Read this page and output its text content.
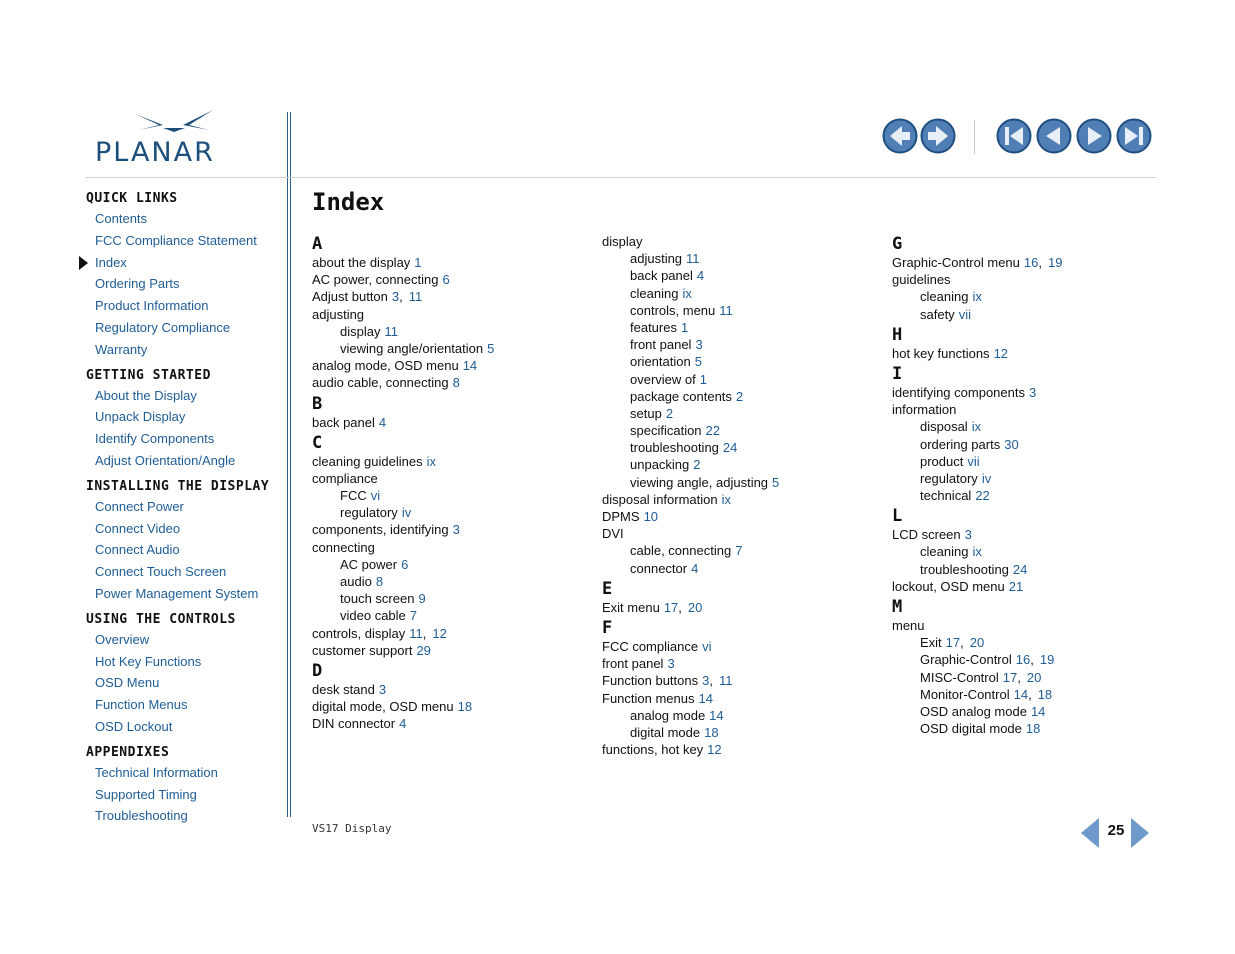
PLANAR
QUICK LINKS
Contents
FCC Compliance Statement
Index
Ordering Parts
Product Information
Regulatory Compliance
Warranty
GETTING STARTED
About the Display
Unpack Display
Identify Components
Adjust Orientation/Angle
INSTALLING THE DISPLAY
Connect Power
Connect Video
Connect Audio
Connect Touch Screen
Power Management System
USING THE CONTROLS
Overview
Hot Key Functions
OSD Menu
Function Menus
OSD Lockout
APPENDIXES
Technical Information
Supported Timing
Troubleshooting
Index
A
about the display 1
AC power, connecting 6
Adjust button 3, 11
adjusting
display 11
viewing angle/orientation 5
analog mode, OSD menu 14
audio cable, connecting 8
B
back panel 4
C
cleaning guidelines ix
compliance
FCC vi
regulatory iv
components, identifying 3
connecting
AC power 6
audio 8
touch screen 9
video cable 7
controls, display 11, 12
customer support 29
D
desk stand 3
digital mode, OSD menu 18
DIN connector 4
display
adjusting 11
back panel 4
cleaning ix
controls, menu 11
features 1
front panel 3
orientation 5
overview of 1
package contents 2
setup 2
specification 22
troubleshooting 24
unpacking 2
viewing angle, adjusting 5
disposal information ix
DPMS 10
DVI
cable, connecting 7
connector 4
E
Exit menu 17, 20
F
FCC compliance vi
front panel 3
Function buttons 3, 11
Function menus 14
analog mode 14
digital mode 18
functions, hot key 12
G
Graphic-Control menu 16, 19
guidelines
cleaning ix
safety vii
H
hot key functions 12
I
identifying components 3
information
disposal ix
ordering parts 30
product vii
regulatory iv
technical 22
L
LCD screen 3
cleaning ix
troubleshooting 24
lockout, OSD menu 21
M
menu
Exit 17, 20
Graphic-Control 16, 19
MISC-Control 17, 20
Monitor-Control 14, 18
OSD analog mode 14
OSD digital mode 18
VS17 Display	25
